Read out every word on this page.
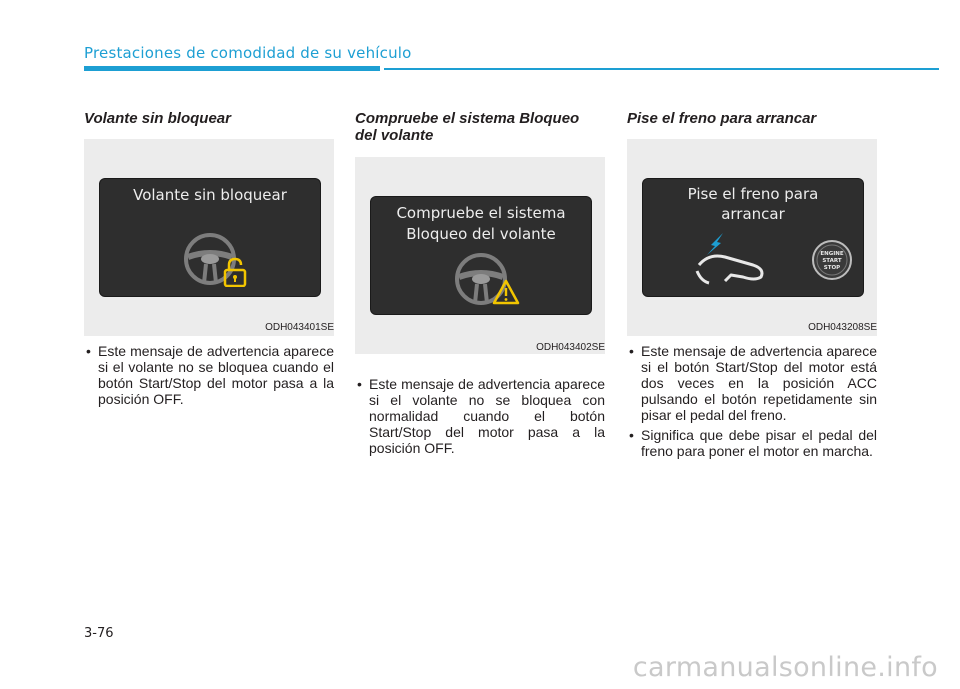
Prestaciones de comodidad de su vehículo
Volante sin bloquear
Volante sin bloquear
ODH043401SE
• Este mensaje de advertencia aparece si el volante no se bloquea cuando el botón Start/Stop del motor pasa a la posición OFF.
Compruebe el sistema Bloqueo del volante
Compruebe el sistema
Bloqueo del volante
ODH043402SE
• Este mensaje de advertencia aparece si el volante no se bloquea con normalidad cuando el botón Start/Stop del motor pasa a la posición OFF.
Pise el freno para arrancar
Pise el freno para
arrancar
ENGINE
START
STOP
ODH043208SE
• Este mensaje de advertencia aparece si el botón Start/Stop del motor está dos veces en la posición ACC pulsando el botón repetidamente sin pisar el pedal del freno.
• Significa que debe pisar el pedal del freno para poner el motor en marcha.
3-76
carmanualsonline.info
